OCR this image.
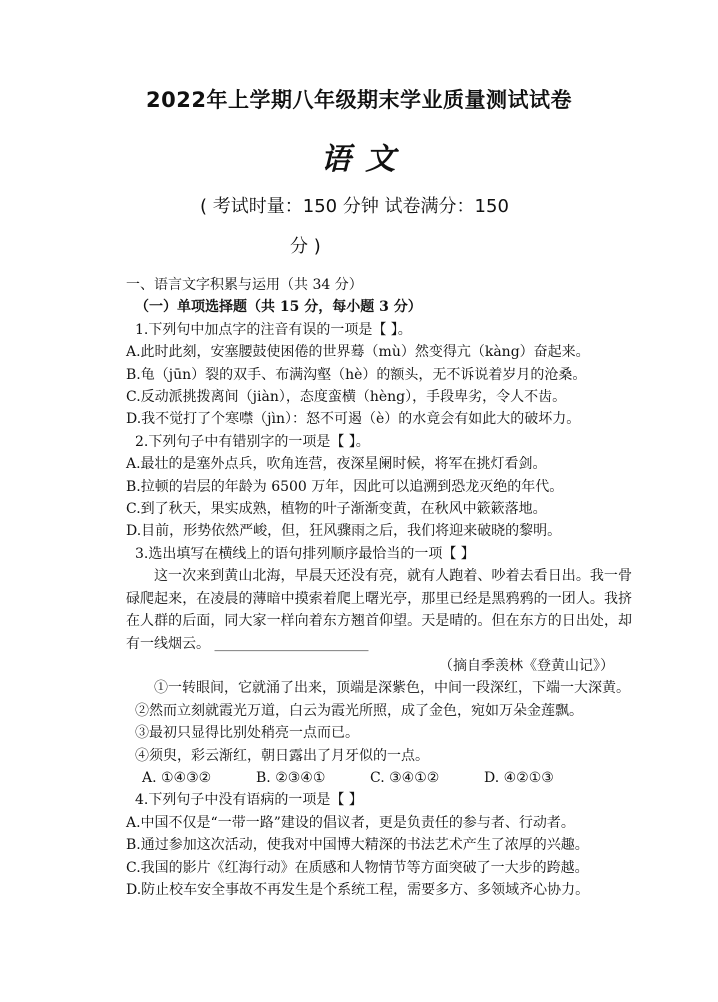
2022年上学期八年级期末学业质量测试试卷
语 文
( 考试时量：150 分钟 试卷满分：150
分 )
一、语言文字积累与运用（共 34 分）
（一）单项选择题（共 15 分，每小题 3 分）
1.下列句中加点字的注音有误的一项是【 】。
A.此时此刻，安塞腰鼓使困倦的世界蓦（mù）然变得亢（kàng）奋起来。
B.龟（jūn）裂的双手、布满沟壑（hè）的额头，无不诉说着岁月的沧桑。
C.反动派挑拨离间（jiàn），态度蛮横（hèng），手段卑劣，令人不齿。
D.我不觉打了个寒噤（jìn）：怒不可遏（è）的水竟会有如此大的破坏力。
2.下列句子中有错别字的一项是【 】。
A.最壮的是塞外点兵，吹角连营，夜深星阑时候，将军在挑灯看剑。
B.拉顿的岩层的年龄为 6500 万年，因此可以追溯到恐龙灭绝的年代。
C.到了秋天，果实成熟，植物的叶子渐渐变黄，在秋风中簌簌落地。
D.目前，形势依然严峻，但，狂风骤雨之后，我们将迎来破晓的黎明。
3.选出填写在横线上的语句排列顺序最恰当的一项【 】
这一次来到黄山北海，早晨天还没有亮，就有人跑着、吵着去看日出。我一骨碌爬起来，在凌晨的薄暗中摸索着爬上曙光亭，那里已经是黑鸦鸦的一团人。我挤在人群的后面，同大家一样向着东方翘首仰望。天是晴的。但在东方的日出处，却有一线烟云。 ______________________
（摘自季羡林《登黄山记》）
①一转眼间，它就涌了出来，顶端是深紫色，中间一段深红，下端一大深黄。
②然而立刻就霞光万道，白云为霞光所照，成了金色，宛如万朵金莲飘。
③最初只显得比别处稍亮一点而已。
④须臾，彩云渐红，朝日露出了月牙似的一点。
A. ①④③②	B. ②③④①	C. ③④①②	D. ④②①③
4.下列句子中没有语病的一项是【 】
A.中国不仅是“一带一路”建设的倡议者，更是负责任的参与者、行动者。
B.通过参加这次活动，使我对中国博大精深的书法艺术产生了浓厚的兴趣。
C.我国的影片《红海行动》在质感和人物情节等方面突破了一大步的跨越。
D.防止校车安全事故不再发生是个系统工程，需要多方、多领域齐心协力。
